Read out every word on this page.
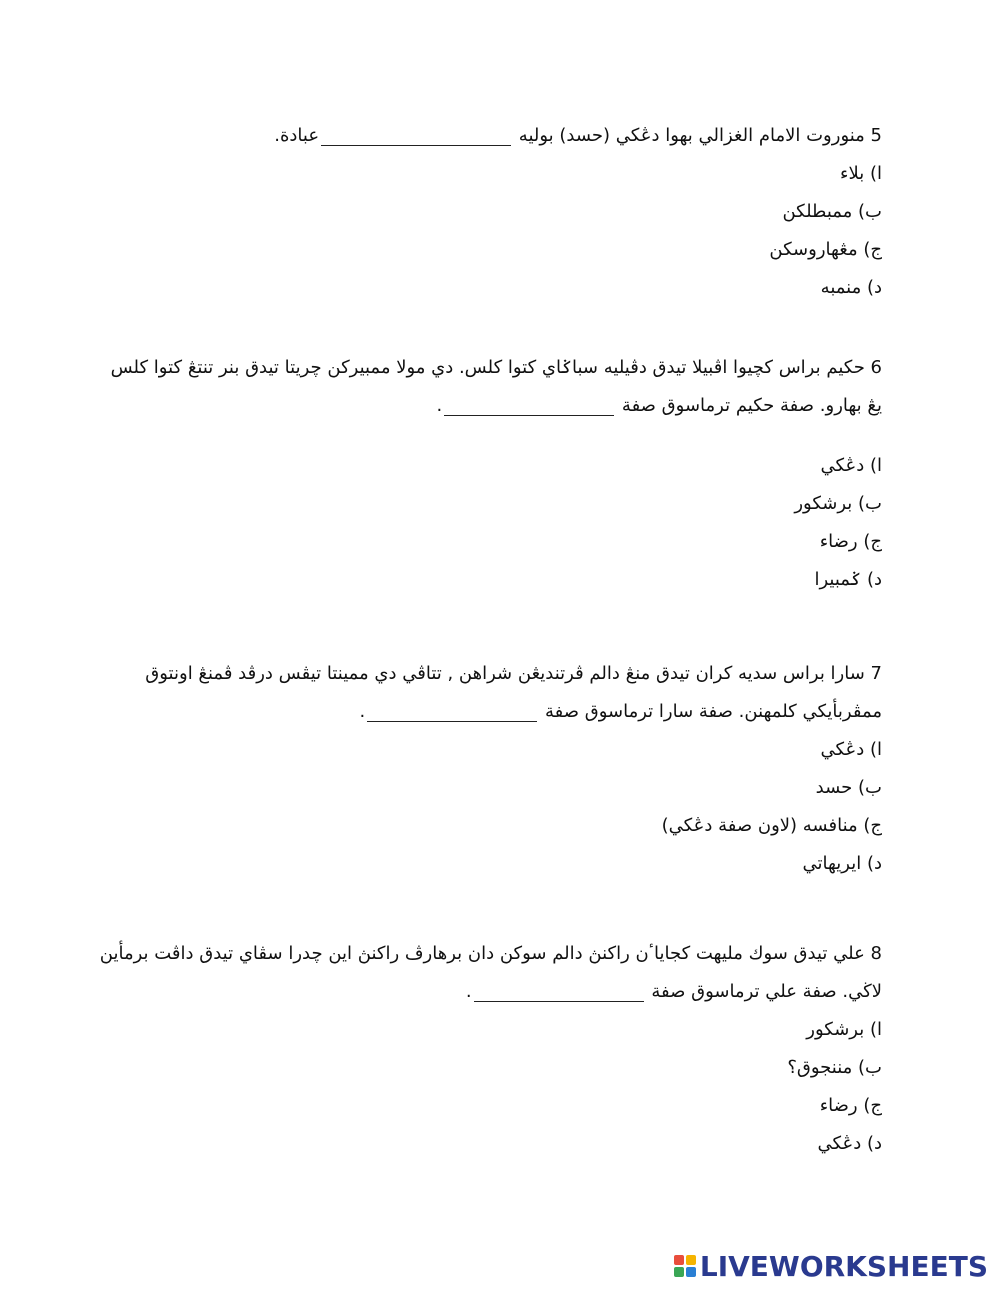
5 منوروت الامام الغزالي بهوا دڠكي (حسد) بوليه عبادة.
ا) بلاء
ب) ممبطلكن
ج) مڠهاروسكن
د) منمبه
6 حكيم براس كچيوا اڤبيلا تيدق دڤيليه سباݢاي كتوا كلس. دي مولا ممبيركن چريتا تيدق بنر تنتڠ كتوا كلس
يڠ بهارو. صفة حكيم ترماسوق صفة .
ا) دڠكي
ب) برشكور
ج) رضاء
د) ݢمبيرا
7 سارا براس سديه كران تيدق منڠ دالم ڤرتنديڠن شراهن , تتاڤي دي ممينتا تيڤس درڤد ڤمنڠ اونتوق
ممڤربأيكي كلمهنن. صفة سارا ترماسوق صفة .
ا) دڠكي
ب) حسد
ج) منافسه (لاون صفة دڠكي)
د) ايريهاتي
8 علي تيدق سوك مليهت كجاياٴن راكنڽ دالم سوكن دان برهارڤ راكنڽ اين چدرا سڤاي تيدق داڤت برمأين
لاڬي. صفة علي ترماسوق صفة .
ا) برشكور
ب) مننجوق؟
ج) رضاء
د) دڠكي
LIVEWORKSHEETS
